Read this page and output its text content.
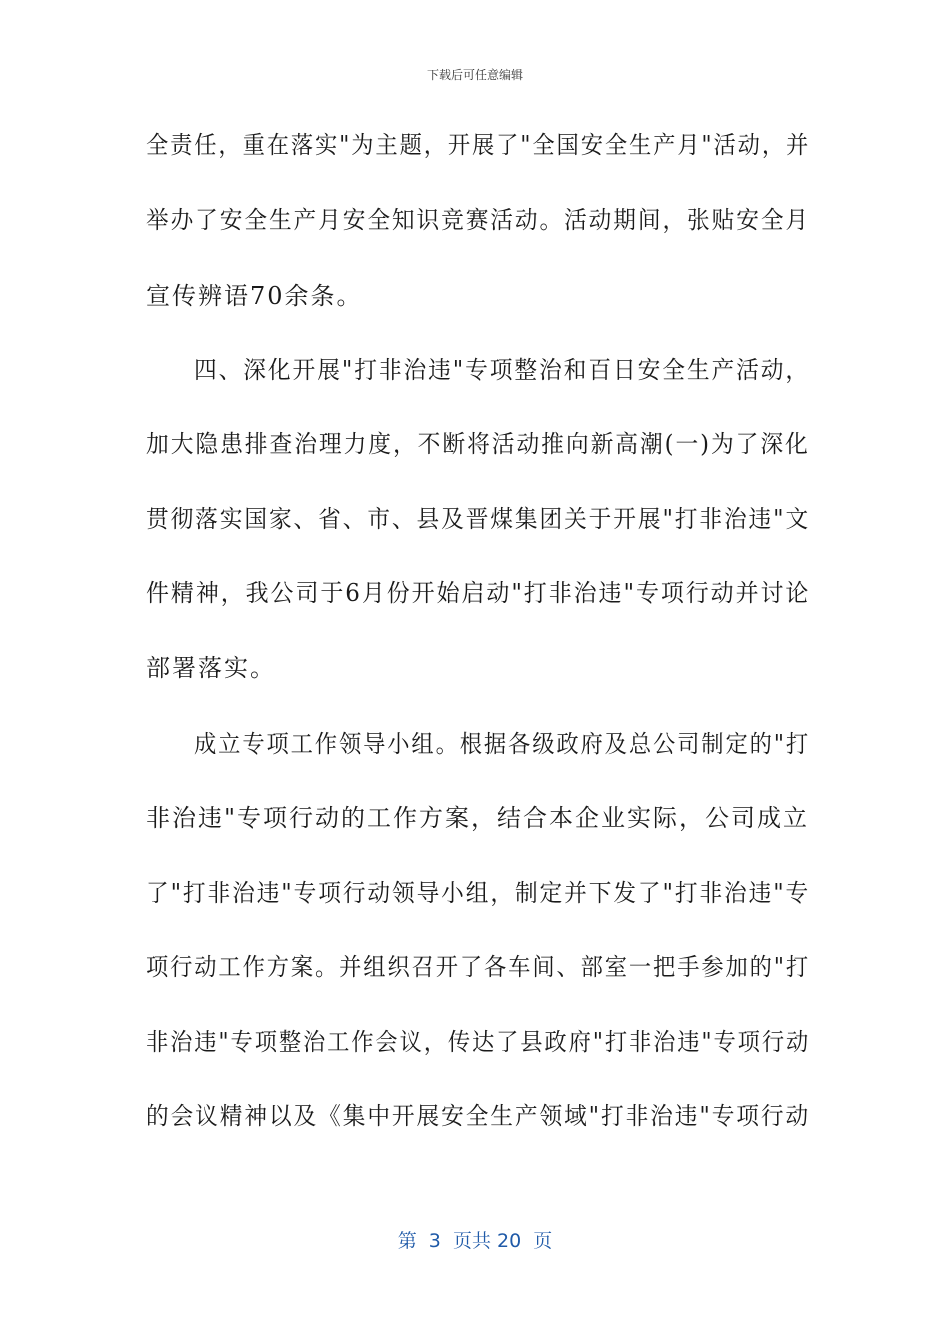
下载后可任意编辑
全责任，重在落实"为主题，开展了"全国安全生产月"活动，并
举办了安全生产月安全知识竞赛活动。活动期间，张贴安全月
宣传辨语70余条。
四、深化开展"打非治违"专项整治和百日安全生产活动，
加大隐患排查治理力度，不断将活动推向新高潮(一)为了深化
贯彻落实国家、省、市、县及晋煤集团关于开展"打非治违"文
件精神，我公司于6月份开始启动"打非治违"专项行动并讨论
部署落实。
成立专项工作领导小组。根据各级政府及总公司制定的"打
非治违"专项行动的工作方案，结合本企业实际，公司成立
了"打非治违"专项行动领导小组，制定并下发了"打非治违"专
项行动工作方案。并组织召开了各车间、部室一把手参加的"打
非治违"专项整治工作会议，传达了县政府"打非治违"专项行动
的会议精神以及《集中开展安全生产领域"打非治违"专项行动
第  3  页共 20  页
